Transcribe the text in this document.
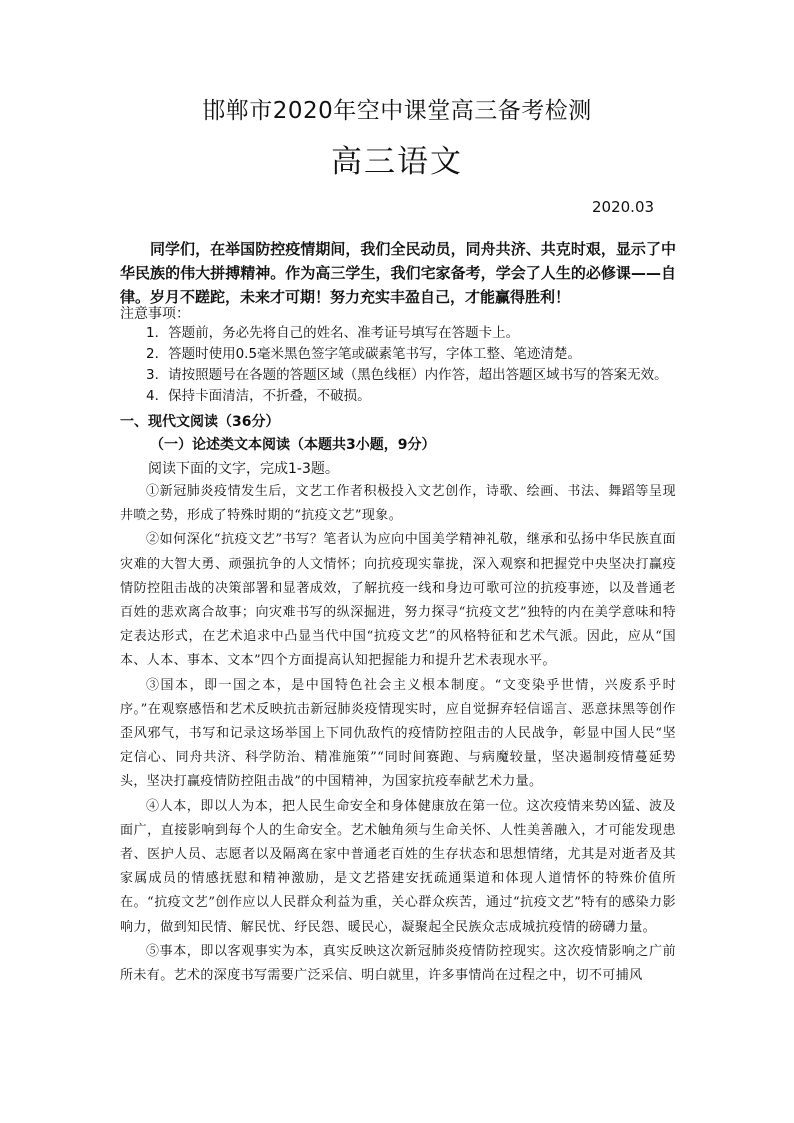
邯郸市2020年空中课堂高三备考检测
高三语文
2020.03

同学们，在举国防控疫情期间，我们全民动员，同舟共济、共克时艰，显示了中华民族的伟大拼搏精神。作为高三学生，我们宅家备考，学会了人生的必修课——自律。岁月不蹉跎，未来才可期！努力充实丰盈自己，才能赢得胜利！

注意事项：
1．答题前，务必先将自己的姓名、准考证号填写在答题卡上。
2．答题时使用0.5毫米黑色签字笔或碳素笔书写，字体工整、笔迹清楚。
3．请按照题号在各题的答题区域（黑色线框）内作答，超出答题区域书写的答案无效。
4．保持卡面清洁，不折叠，不破损。
一、现代文阅读（36分）
（一）论述类文本阅读（本题共3小题，9分）
阅读下面的文字，完成1-3题。

①新冠肺炎疫情发生后，文艺工作者积极投入文艺创作，诗歌、绘画、书法、舞蹈等呈现井喷之势，形成了特殊时期的“抗疫文艺”现象。

②如何深化“抗疫文艺”书写？笔者认为应向中国美学精神礼敬，继承和弘扬中华民族直面灾难的大智大勇、顽强抗争的人文情怀；向抗疫现实靠拢，深入观察和把握党中央坚决打赢疫情防控阻击战的决策部署和显著成效，了解抗疫一线和身边可歌可泣的抗疫事迹，以及普通老百姓的悲欢离合故事；向灾难书写的纵深掘进，努力探寻“抗疫文艺”独特的内在美学意味和特定表达形式，在艺术追求中凸显当代中国“抗疫文艺”的风格特征和艺术气派。因此，应从“国本、人本、事本、文本”四个方面提高认知把握能力和提升艺术表现水平。

③国本，即一国之本，是中国特色社会主义根本制度。“文变染乎世情，兴废系乎时序。”在观察感悟和艺术反映抗击新冠肺炎疫情现实时，应自觉摒弃轻信谣言、恶意抹黑等创作歪风邪气，书写和记录这场举国上下同仇敌忾的疫情防控阻击的人民战争，彰显中国人民“坚定信心、同舟共济、科学防治、精准施策”“同时间赛跑、与病魔较量，坚决遏制疫情蔓延势头，坚决打赢疫情防控阻击战”的中国精神，为国家抗疫奉献艺术力量。

④人本，即以人为本，把人民生命安全和身体健康放在第一位。这次疫情来势凶猛、波及面广，直接影响到每个人的生命安全。艺术触角须与生命关怀、人性美善融入，才可能发现患者、医护人员、志愿者以及隔离在家中普通老百姓的生存状态和思想情绪，尤其是对逝者及其家属成员的情感抚慰和精神激励，是文艺搭建安抚疏通渠道和体现人道情怀的特殊价值所在。“抗疫文艺”创作应以人民群众利益为重，关心群众疾苦，通过“抗疫文艺”特有的感染力影响力，做到知民情、解民忧、纾民怨、暖民心，凝聚起全民族众志成城抗疫情的磅礴力量。

⑤事本，即以客观事实为本，真实反映这次新冠肺炎疫情防控现实。这次疫情影响之广前所未有。艺术的深度书写需要广泛采信、明白就里，许多事情尚在过程之中，切不可捕风
